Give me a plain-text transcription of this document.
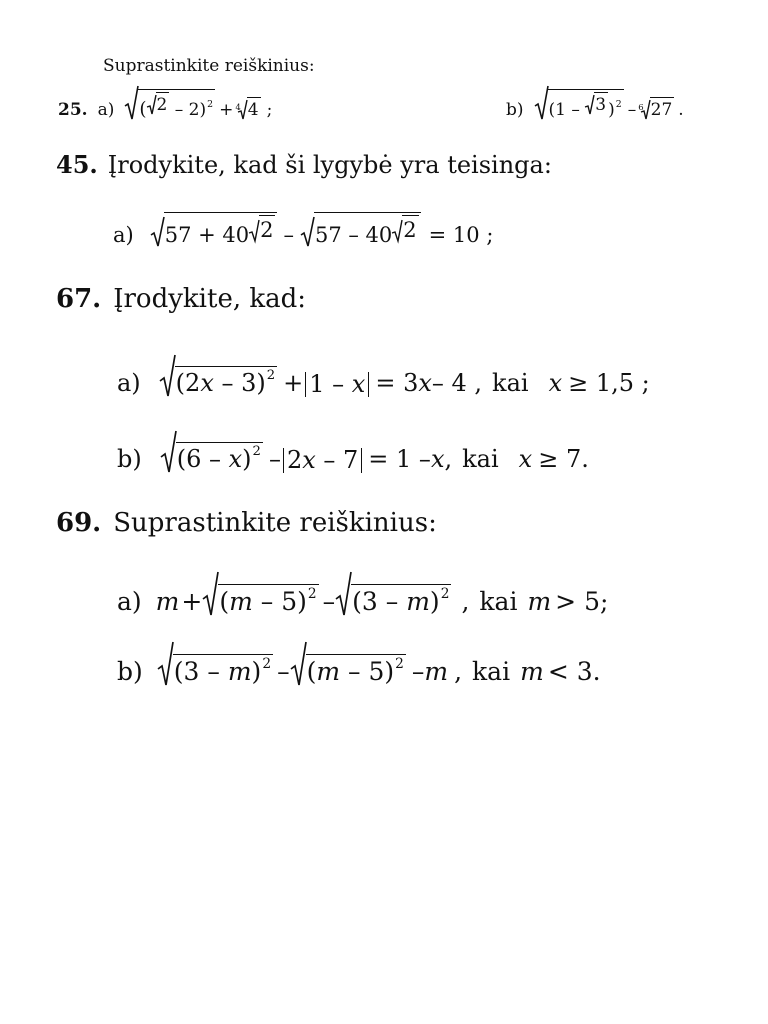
Suprastinkite reiškinius:
25. a) ( 2 – 2)$^2$ + 4 4 ;	b) (1 – 3 )$^2$ – 6 27 .
45. Įrodykite, kad ši lygybė yra teisinga:
a) 57 + 40 2 – 57 – 40 2 = 10 ;
67. Įrodykite, kad:
a) (2x – 3)$^2$ + 1 – x = 3 x – 4 , kai x ≥ 1,5 ;
b) (6 – x)$^2$ – 2x – 7 = 1 – x , kai x ≥ 7.
69. Suprastinkite reiškinius:
a) m + (m – 5)$^2$ – (3 – m)$^2$ , kai m > 5;
b) (3 – m)$^2$ – (m – 5)$^2$ – m , kai m < 3.
